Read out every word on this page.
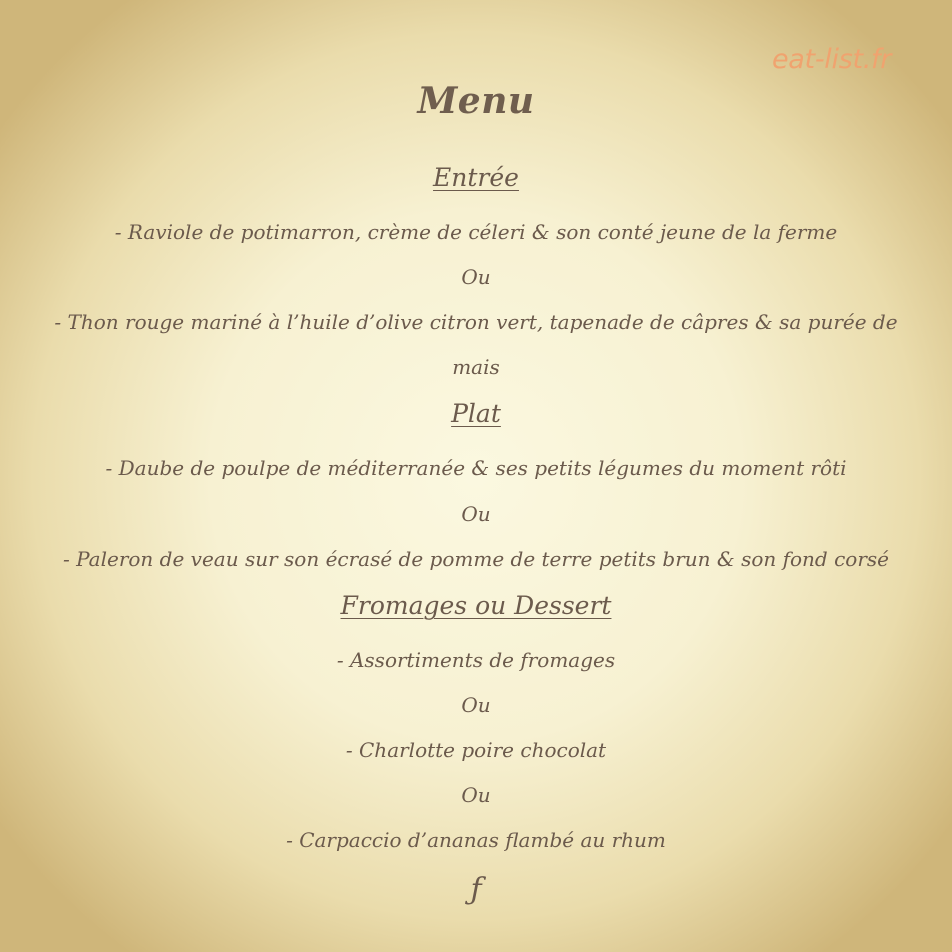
eat-list.fr
Menu
Entrée
- Raviole de potimarron, crème de céleri & son conté jeune de la ferme
Ou
- Thon rouge mariné à l’huile d’olive citron vert, tapenade de câpres & sa purée de
mais
Plat
- Daube de poulpe de méditerranée & ses petits légumes du moment rôti
Ou
- Paleron de veau sur son écrasé de pomme de terre petits brun & son fond corsé
Fromages ou Dessert
- Assortiments de fromages
Ou
- Charlotte poire chocolat
Ou
- Carpaccio d’ananas flambé au rhum
ƒ
